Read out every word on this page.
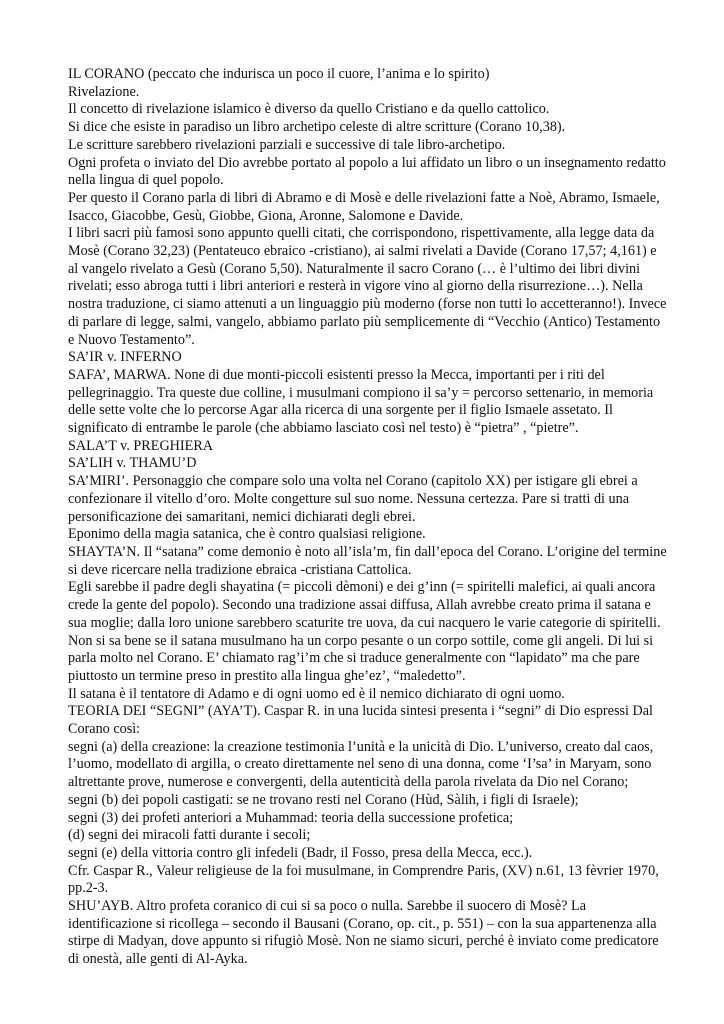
IL CORANO (peccato che indurisca un poco il cuore, l’anima e lo spirito)

Rivelazione.

Il concetto di rivelazione islamico è diverso da quello Cristiano e da quello cattolico.

Si dice che esiste in paradiso un libro archetipo celeste di altre scritture (Corano 10,38).

Le scritture sarebbero rivelazioni parziali e successive di tale libro-archetipo.

Ogni profeta o inviato del Dio avrebbe portato al popolo a lui affidato un libro o un insegnamento redatto nella lingua di quel popolo.

Per questo il Corano parla di libri di Abramo e di Mosè e delle rivelazioni fatte a Noè, Abramo, Ismaele, Isacco, Giacobbe, Gesù, Giobbe, Giona, Aronne, Salomone e Davide.

I libri sacri più famosi sono appunto quelli citati, che corrispondono, rispettivamente, alla legge data da Mosè (Corano 32,23) (Pentateuco ebraico -cristiano), ai salmi rivelati a Davide (Corano 17,57; 4,161) e al vangelo rivelato a Gesù (Corano 5,50). Naturalmente il sacro Corano (… è l’ultimo dei libri divini rivelati; esso abroga tutti i libri anteriori e resterà in vigore vino al giorno della risurrezione…). Nella nostra traduzione, ci siamo attenuti a un linguaggio più moderno (forse non tutti lo accetteranno!). Invece di parlare di legge, salmi, vangelo, abbiamo parlato più semplicemente di “Vecchio (Antico) Testamento e Nuovo Testamento”.

SA’IR v. INFERNO

SAFA’, MARWA. None di due monti-piccoli esistenti presso la Mecca, importanti per i riti del pellegrinaggio. Tra queste due colline, i musulmani compiono il sa’y = percorso settenario, in memoria delle sette volte che lo percorse Agar alla ricerca di una sorgente per il figlio Ismaele assetato. Il significato di entrambe le parole (che abbiamo lasciato così nel testo) è “pietra” , “pietre”.

SALA’T v. PREGHIERA

SA’LIH v. THAMU’D

SA’MIRI’. Personaggio che compare solo una volta nel Corano (capitolo XX) per istigare gli ebrei a confezionare il vitello d’oro. Molte congetture sul suo nome. Nessuna certezza. Pare si tratti di una personificazione dei samaritani, nemici dichiarati degli ebrei.

Eponimo della magia satanica, che è contro qualsiasi religione.

SHAYTA’N. Il “satana” come demonio è noto all’isla’m, fin dall’epoca del Corano. L’origine del termine si deve ricercare nella tradizione ebraica -cristiana Cattolica.

Egli sarebbe il padre degli shayatina (= piccoli dèmoni) e dei g’inn (= spiritelli malefici, ai quali ancora crede la gente del popolo). Secondo una tradizione assai diffusa, Allah avrebbe creato prima il satana e sua moglie; dalla loro unione sarebbero scaturite tre uova, da cui nacquero le varie categorie di spiritelli. Non si sa bene se il satana musulmano ha un corpo pesante o un corpo sottile, come gli angeli. Di lui si parla molto nel Corano. E’ chiamato rag’i’m che si traduce generalmente con “lapidato” ma che pare piuttosto un termine preso in prestito alla lingua ghe’ez’, “maledetto”.

Il satana è il tentatore di Adamo e di ogni uomo ed è il nemico dichiarato di ogni uomo.

TEORIA DEI “SEGNI” (AYA’T). Caspar R. in una lucida sintesi presenta i “segni” di Dio espressi Dal Corano così:

segni (a) della creazione: la creazione testimonia l’unità e la unicità di Dio. L’universo, creato dal caos, l’uomo, modellato di argilla, o creato direttamente nel seno di una donna, come ‘I’sa’ in Maryam, sono altrettante prove, numerose e convergenti, della autenticità della parola rivelata da Dio nel Corano;

segni (b) dei popoli castigati: se ne trovano resti nel Corano (Hùd, Sàlih, i figli di Israele);

segni (3) dei profeti anteriori a Muhammad: teoria della successione profetica;

(d) segni dei miracoli fatti durante i secoli;

segni (e) della vittoria contro gli infedeli (Badr, il Fosso, presa della Mecca, ecc.).

Cfr. Caspar R., Valeur religieuse de la foi musulmane, in Comprendre Paris, (XV) n.61, 13 fèvrier 1970, pp.2-3.

SHU’AYB. Altro profeta coranico di cui si sa poco o nulla. Sarebbe il suocero di Mosè? La identificazione si ricollega – secondo il Bausani (Corano, op. cit., p. 551) – con la sua appartenenza alla stirpe di Madyan, dove appunto si rifugiò Mosè. Non ne siamo sicuri, perché è inviato come predicatore di onestà, alle genti di Al-Ayka.
